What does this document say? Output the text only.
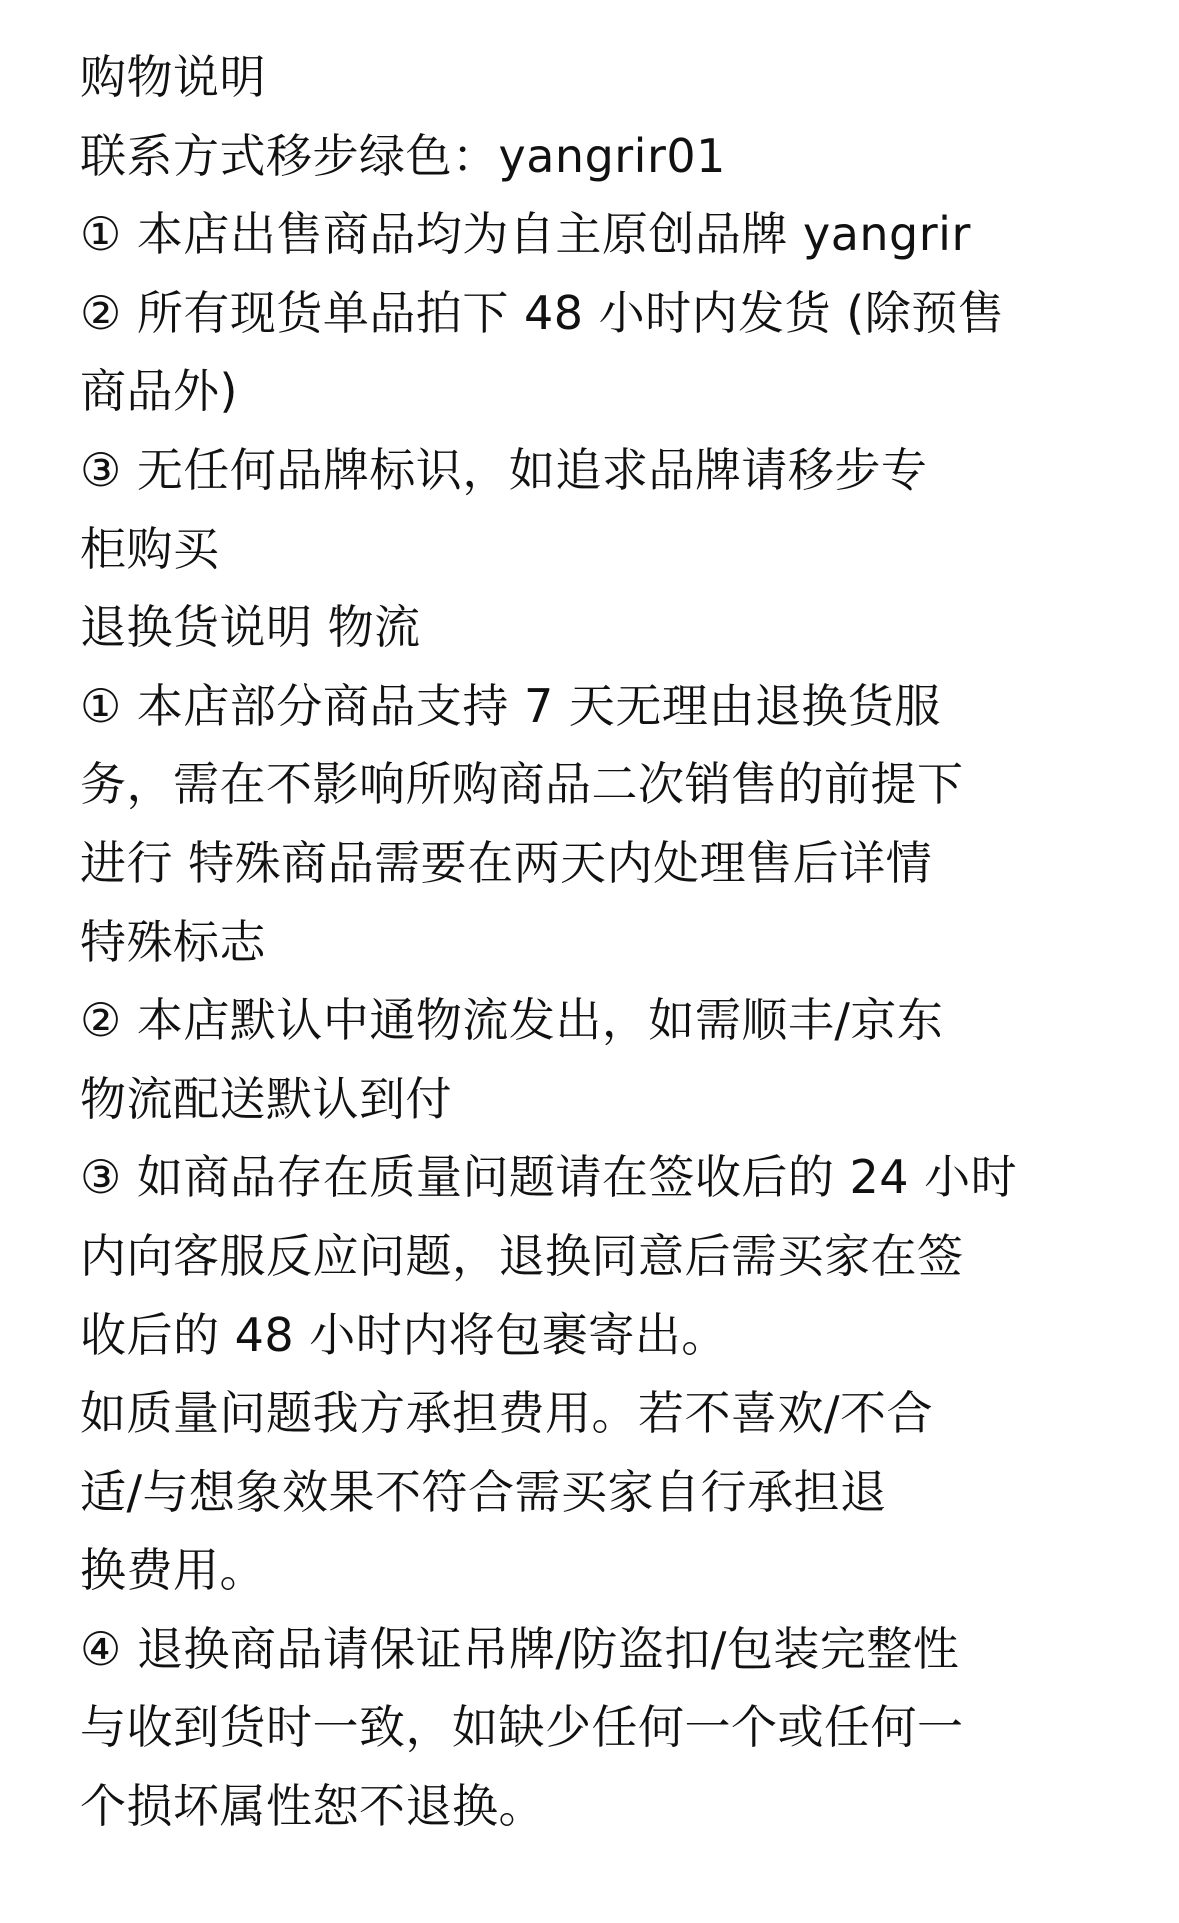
购物说明
联系方式移步绿色：yangrir01
① 本店出售商品均为自主原创品牌 yangrir
② 所有现货单品拍下 48 小时内发货 (除预售
商品外)
③ 无任何品牌标识，如追求品牌请移步专
柜购买
退换货说明 物流
① 本店部分商品支持 7 天无理由退换货服
务，需在不影响所购商品二次销售的前提下
进行 特殊商品需要在两天内处理售后详情
特殊标志
② 本店默认中通物流发出，如需顺丰/京东
物流配送默认到付
③ 如商品存在质量问题请在签收后的 24 小时
内向客服反应问题，退换同意后需买家在签
收后的 48 小时内将包裹寄出。
如质量问题我方承担费用。若不喜欢/不合
适/与想象效果不符合需买家自行承担退
换费用。
④ 退换商品请保证吊牌/防盗扣/包装完整性
与收到货时一致，如缺少任何一个或任何一
个损坏属性恕不退换。
